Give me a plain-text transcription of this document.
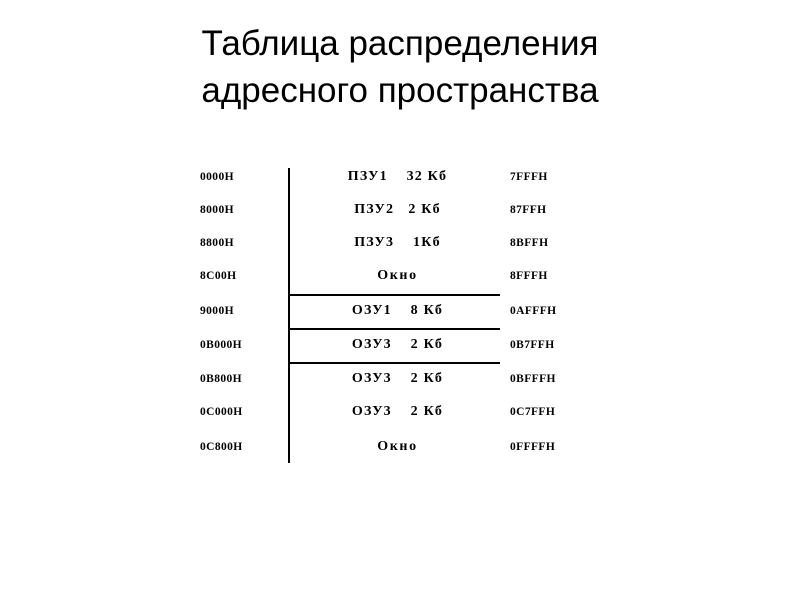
Таблица распределения
адресного пространства
0000H	ПЗУ1    32 Кб	7FFFH
8000H	ПЗУ2   2 Кб	87FFH
8800H	ПЗУ3    1Кб	8BFFH
8C00H	Окно	8FFFH
9000H	ОЗУ1    8 Кб	0AFFFH
0B000H	ОЗУ3    2 Кб	0B7FFH
0B800H	ОЗУ3    2 Кб	0BFFFH
0C000H	ОЗУ3    2 Кб	0C7FFH
0C800H	Окно	0FFFFH
